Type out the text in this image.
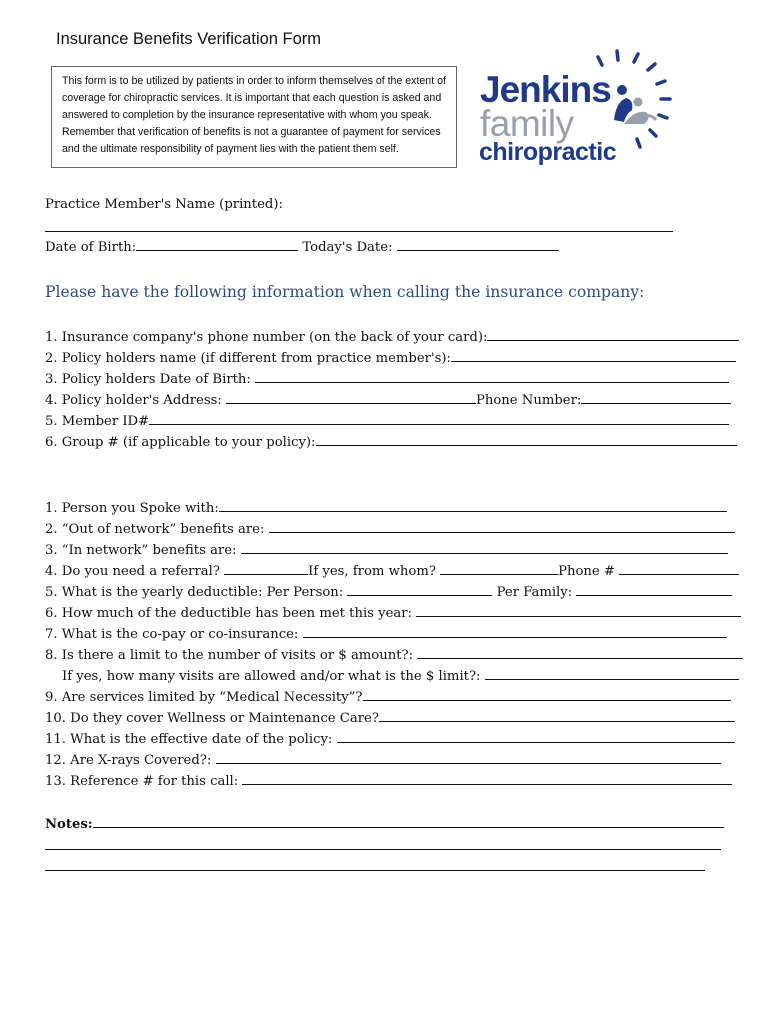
Insurance Benefits Verification Form
This form is to be utilized by patients in order to inform themselves of the extent of
coverage for chiropractic services. It is important that each question is asked and
answered to completion by the insurance representative with whom you speak.
Remember that verification of benefits is not a guarantee of payment for services
and the ultimate responsibility of payment lies with the patient them self.
Jenkins
family
chiropractic
Practice Member's Name (printed):
Date of Birth:	Today's Date:
Please have the following information when calling the insurance company:
1. Insurance company's phone number (on the back of your card):
2. Policy holders name (if different from practice member's):
3. Policy holders Date of Birth:
4. Policy holder's Address:	Phone Number:
5. Member ID#
6. Group # (if applicable to your policy):
1. Person you Spoke with:
2. “Out of network” benefits are:
3. “In network” benefits are:
4. Do you need a referral?	If yes, from whom?	Phone #
5. What is the yearly deductible: Per Person:	Per Family:
6. How much of the deductible has been met this year:
7. What is the co-pay or co-insurance:
8. Is there a limit to the number of visits or $ amount?:
If yes, how many visits are allowed and/or what is the $ limit?:
9. Are services limited by “Medical Necessity”?
10. Do they cover Wellness or Maintenance Care?
11. What is the effective date of the policy:
12. Are X-rays Covered?:
13. Reference # for this call:
Notes:
